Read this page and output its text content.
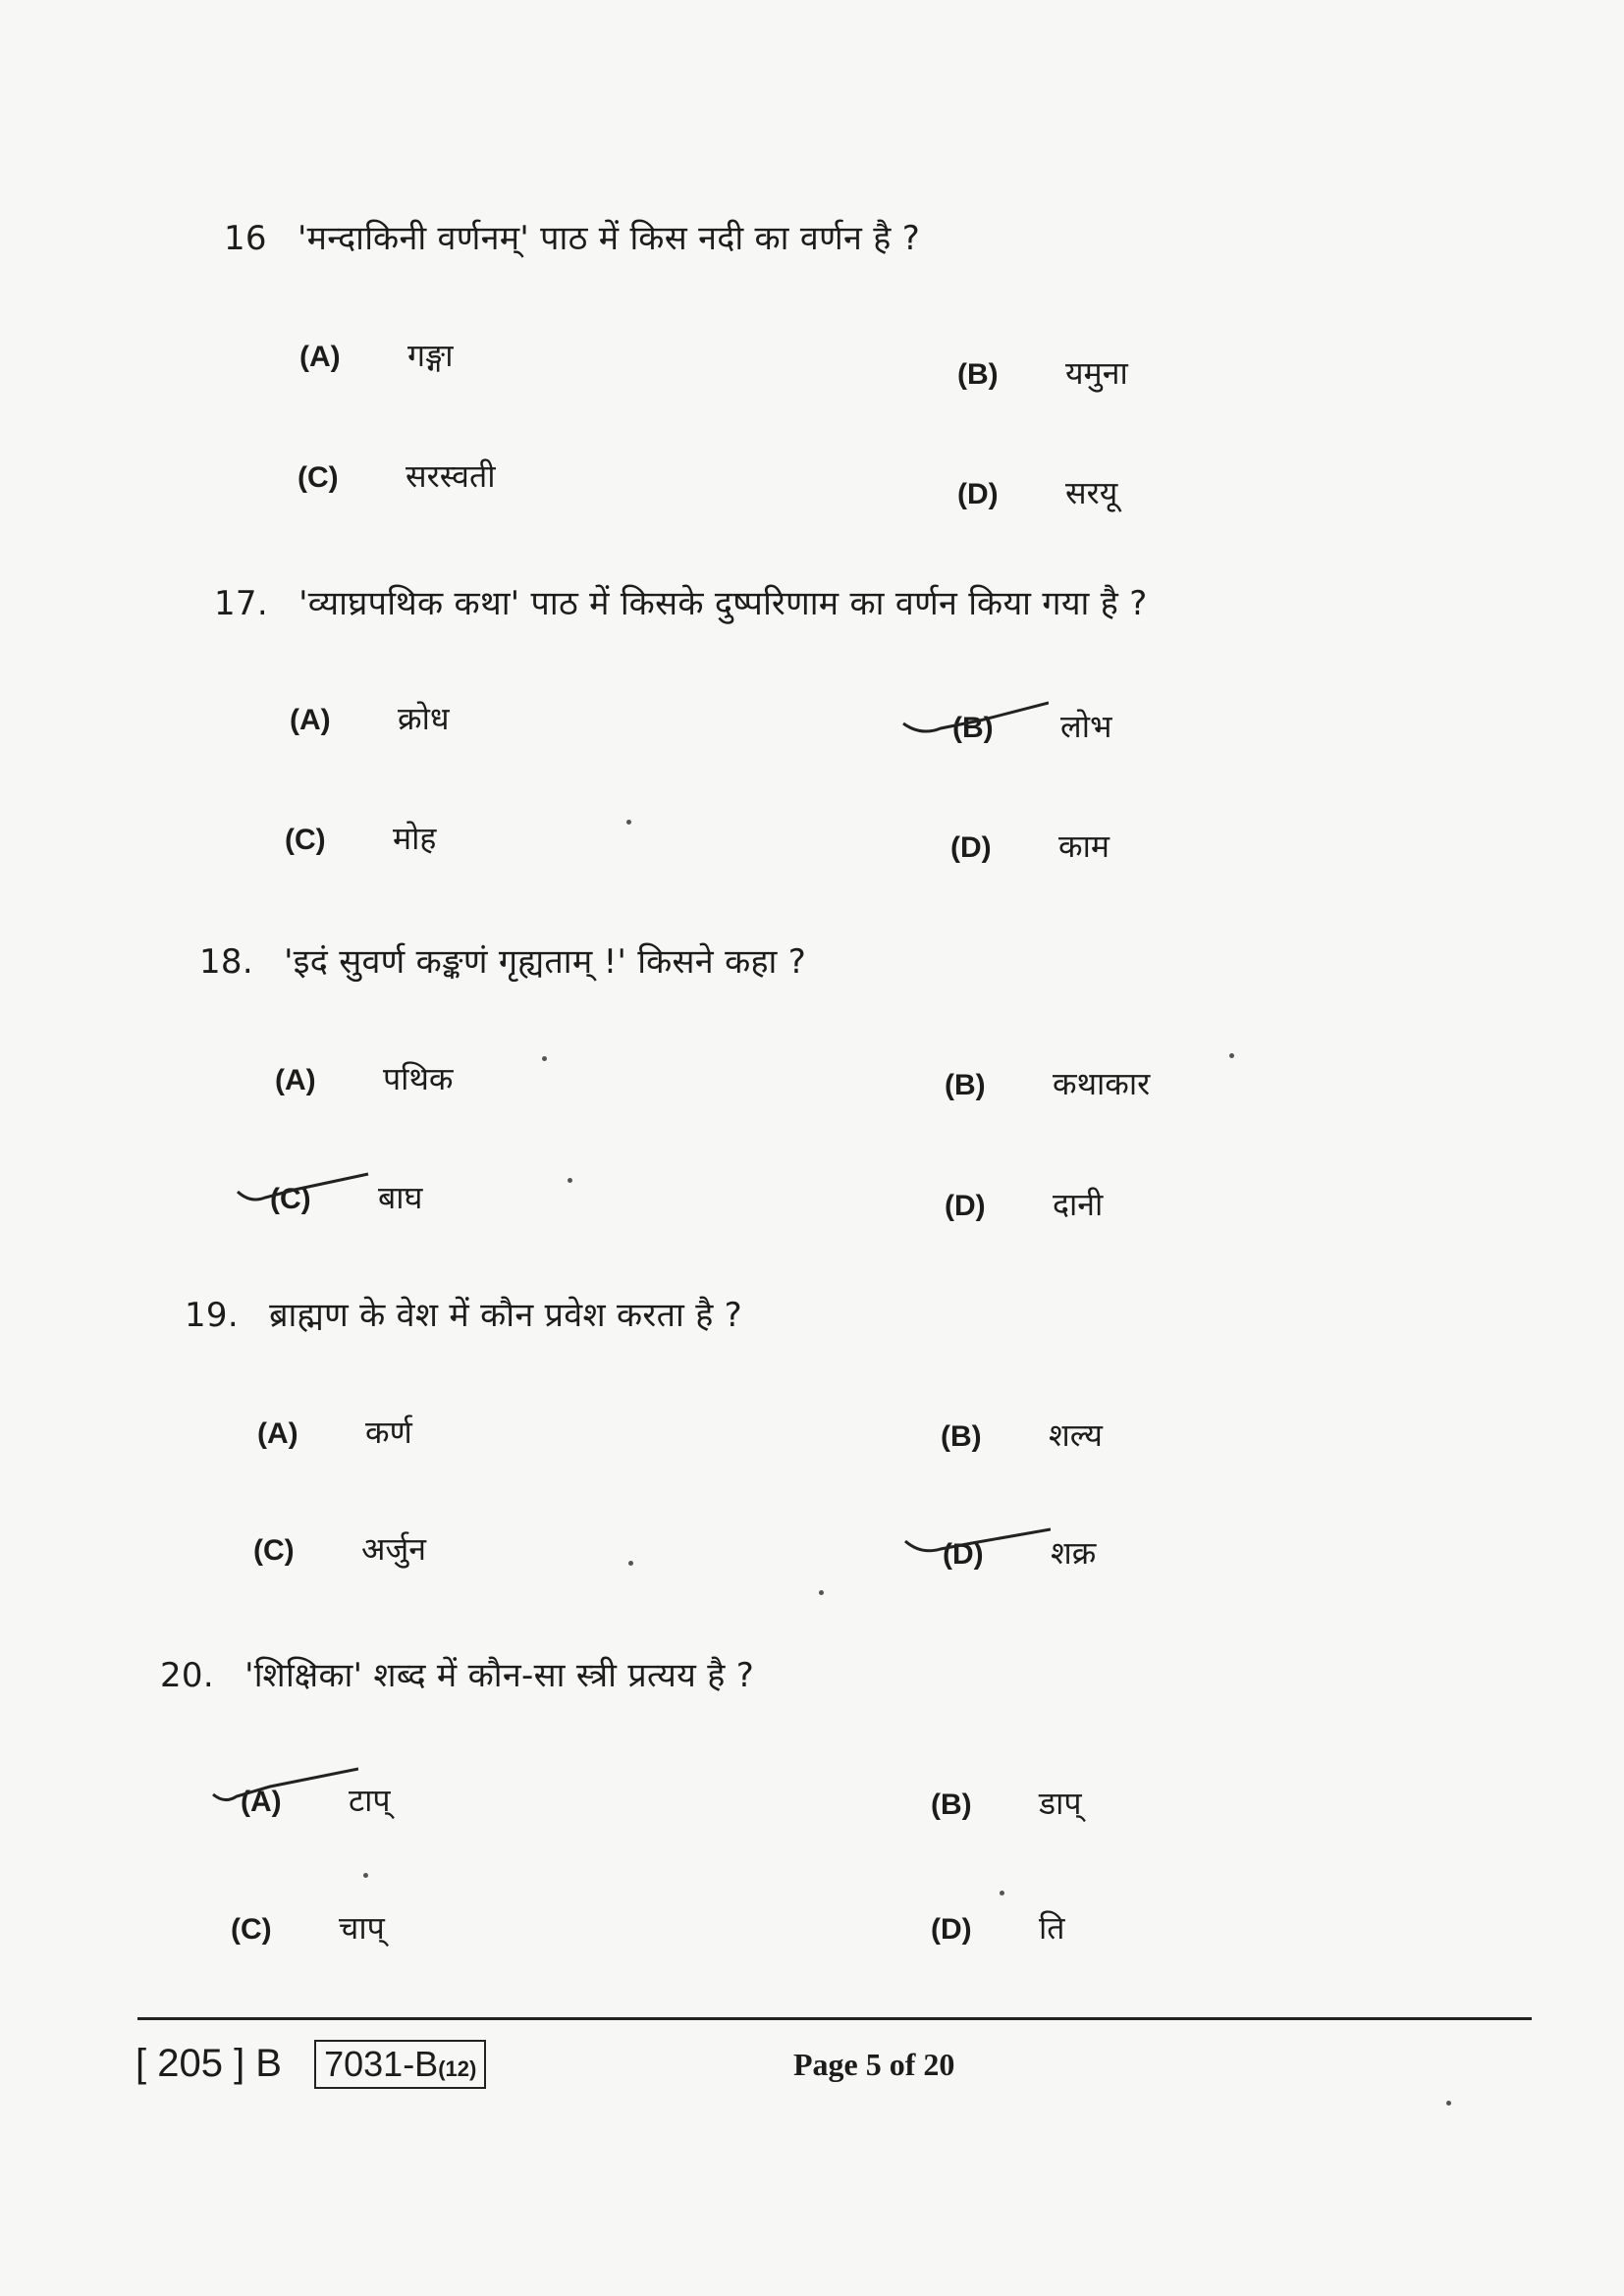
16 'मन्दाकिनी वर्णनम्' पाठ में किस नदी का वर्णन है ?
(A) गङ्गा
(B) यमुना
(C) सरस्वती	(D) सरयू
17. 'व्याघ्रपथिक कथा' पाठ में किसके दुष्परिणाम का वर्णन किया गया है ?
(A) क्रोध	(B) लोभ
(C) मोह	(D) काम
18. 'इदं सुवर्ण कङ्कणं गृह्यताम् !' किसने कहा ?
(A) पथिक	(B) कथाकार
(C) बाघ	(D) दानी
19. ब्राह्मण के वेश में कौन प्रवेश करता है ?
(A) कर्ण	(B) शल्य
(C) अर्जुन	(D) शक्र
20. 'शिक्षिका' शब्द में कौन-सा स्त्री प्रत्यय है ?
(A) टाप्	(B) डाप्
(C) चाप्	(D) ति
[ 205 ] B 7031-B(12)	Page 5 of 20
